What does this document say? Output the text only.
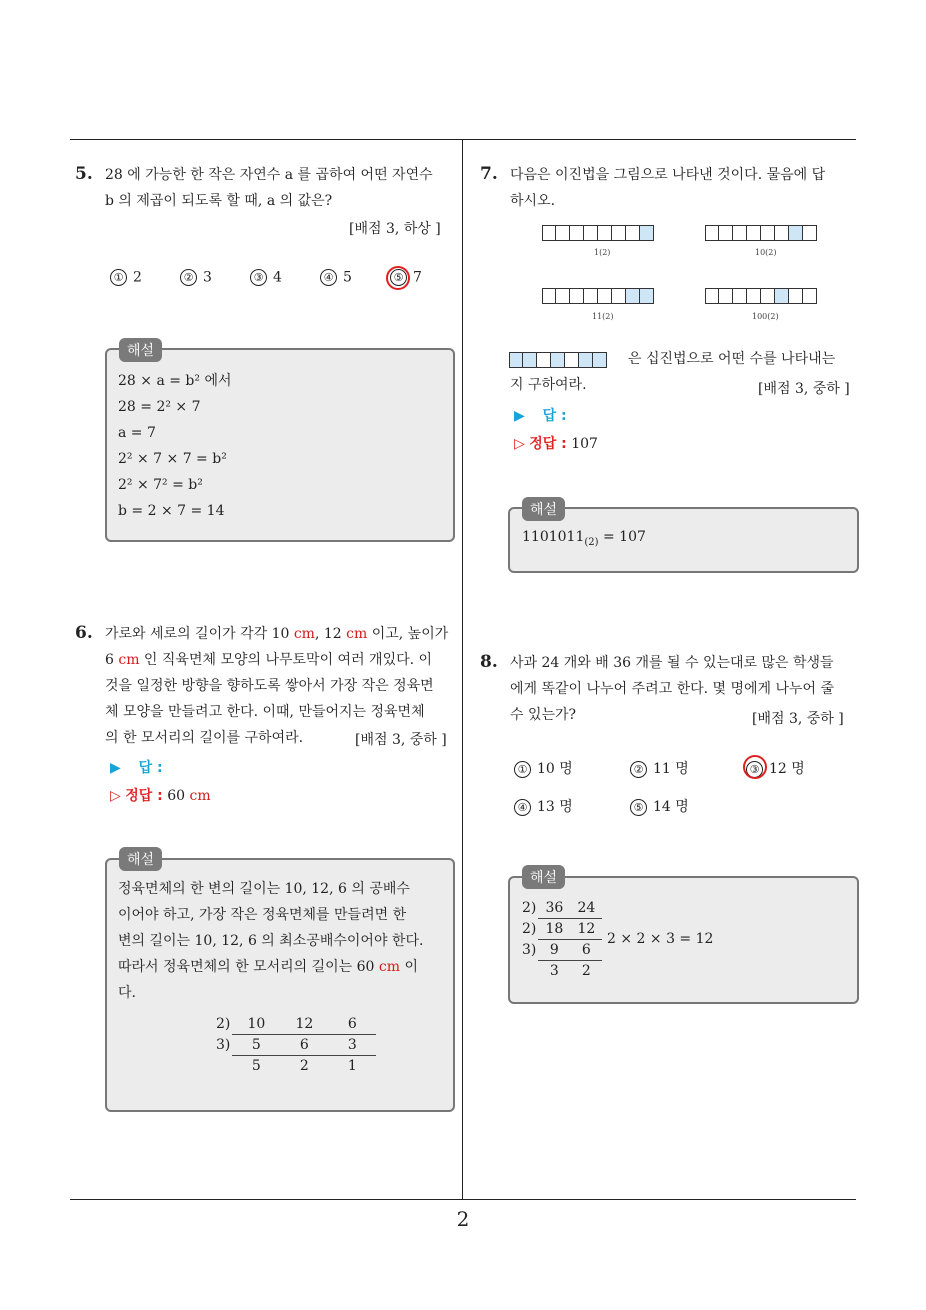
2
5. 28 에 가능한 한 작은 자연수 a 를 곱하여 어떤 자연수
b 의 제곱이 되도록 할 때, a 의 값은?
[배점 3, 하상 ]
① 2	② 3	③ 4	④ 5	⑤ 7
해설
28 × a = b² 에서
28 = 2² × 7
a = 7
2² × 7 × 7 = b²
2² × 7² = b²
b = 2 × 7 = 14
6. 가로와 세로의 길이가 각각 10 cm, 12 cm 이고, 높이가
6 cm 인 직육면체 모양의 나무토막이 여러 개있다. 이
것을 일정한 방향을 향하도록 쌓아서 가장 작은 정육면
체 모양을 만들려고 한다. 이때, 만들어지는 정육면체
의 한 모서리의 길이를 구하여라.	[배점 3, 중하 ]
▶ 답 :
▷ 정답 : 60 cm
해설
정육면체의 한 변의 길이는 10, 12, 6 의 공배수
이어야 하고, 가장 작은 정육면체를 만들려면 한
변의 길이는 10, 12, 6 의 최소공배수이어야 한다.
따라서 정육면체의 한 모서리의 길이는 60 cm 이
다.
2)	10	12	6
3)	5	6	3
	5	2	1
7. 다음은 이진법을 그림으로 나타낸 것이다. 물음에 답
하시오.
1(2)	10(2)
11(2)	100(2)
은 십진법으로 어떤 수를 나타내는
지 구하여라.	[배점 3, 중하 ]
▶ 답 :
▷ 정답 : 107
해설
$1101011_{(2)} = 107$
8. 사과 24 개와 배 36 개를 될 수 있는대로 많은 학생들
에게 똑같이 나누어 주려고 한다. 몇 명에게 나누어 줄
수 있는가?	[배점 3, 중하 ]
① 10 명	② 11 명	③ 12 명
④ 13 명	⑤ 14 명
해설
2)	36	24
2)	18	12
3)	9	6
	3	2
2 × 2 × 3 = 12
